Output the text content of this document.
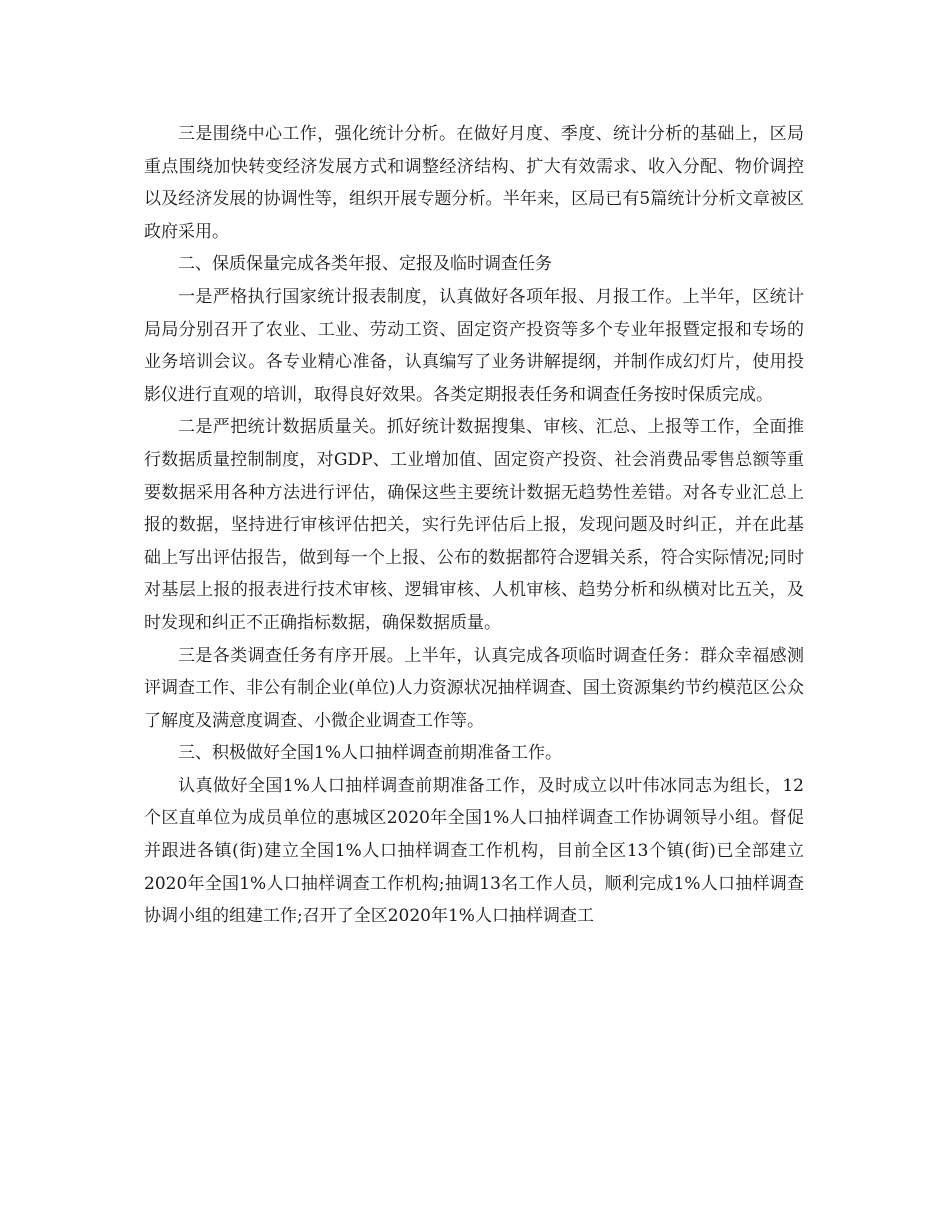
三是围绕中心工作，强化统计分析。在做好月度、季度、统计分析的基础上，区局重点围绕加快转变经济发展方式和调整经济结构、扩大有效需求、收入分配、物价调控以及经济发展的协调性等，组织开展专题分析。半年来，区局已有5篇统计分析文章被区政府采用。

二、保质保量完成各类年报、定报及临时调查任务

一是严格执行国家统计报表制度，认真做好各项年报、月报工作。上半年，区统计局局分别召开了农业、工业、劳动工资、固定资产投资等多个专业年报暨定报和专场的业务培训会议。各专业精心准备，认真编写了业务讲解提纲，并制作成幻灯片，使用投影仪进行直观的培训，取得良好效果。各类定期报表任务和调查任务按时保质完成。

二是严把统计数据质量关。抓好统计数据搜集、审核、汇总、上报等工作，全面推行数据质量控制制度，对GDP、工业增加值、固定资产投资、社会消费品零售总额等重要数据采用各种方法进行评估，确保这些主要统计数据无趋势性差错。对各专业汇总上报的数据，坚持进行审核评估把关，实行先评估后上报，发现问题及时纠正，并在此基础上写出评估报告，做到每一个上报、公布的数据都符合逻辑关系，符合实际情况;同时对基层上报的报表进行技术审核、逻辑审核、人机审核、趋势分析和纵横对比五关，及时发现和纠正不正确指标数据，确保数据质量。

三是各类调查任务有序开展。上半年，认真完成各项临时调查任务：群众幸福感测评调查工作、非公有制企业(单位)人力资源状况抽样调查、国土资源集约节约模范区公众了解度及满意度调查、小微企业调查工作等。

三、积极做好全国1%人口抽样调查前期准备工作。

认真做好全国1%人口抽样调查前期准备工作，及时成立以叶伟冰同志为组长，12个区直单位为成员单位的惠城区2020年全国1%人口抽样调查工作协调领导小组。督促并跟进各镇(街)建立全国1%人口抽样调查工作机构，目前全区13个镇(街)已全部建立2020年全国1%人口抽样调查工作机构;抽调13名工作人员，顺利完成1%人口抽样调查协调小组的组建工作;召开了全区2020年1%人口抽样调查工
